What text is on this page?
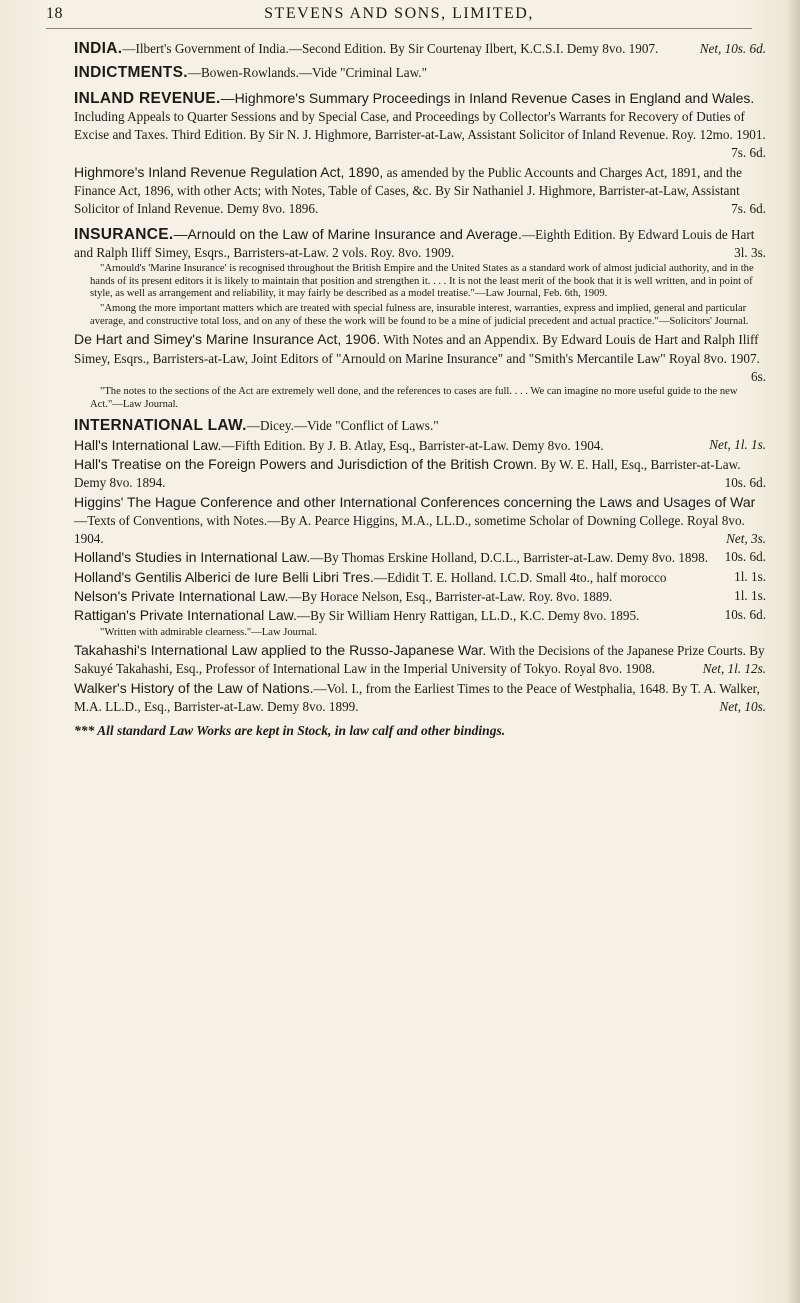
18	STEVENS AND SONS, LIMITED,
INDIA.—Ilbert's Government of India.—Second Edition. By Sir Courtenay Ilbert, K.C.S.I. Demy 8vo. 1907.	Net, 10s. 6d.
INDICTMENTS.—Bowen-Rowlands.—Vide "Criminal Law."
INLAND REVENUE.—Highmore's Summary Proceedings in Inland Revenue Cases in England and Wales. Including Appeals to Quarter Sessions and by Special Case, and Proceedings by Collector's Warrants for Recovery of Duties of Excise and Taxes. Third Edition. By Sir N. J. Highmore, Barrister-at-Law, Assistant Solicitor of Inland Revenue. Roy. 12mo. 1901.
7s. 6d.
Highmore's Inland Revenue Regulation Act, 1890, as amended by the Public Accounts and Charges Act, 1891, and the Finance Act, 1896, with other Acts; with Notes, Table of Cases, &c. By Sir Nathaniel J. Highmore, Barrister-at-Law, Assistant Solicitor of Inland Revenue. Demy 8vo. 1896.	7s. 6d.
INSURANCE.—Arnould on the Law of Marine Insurance and Average.—Eighth Edition. By Edward Louis de Hart and Ralph Iliff Simey, Esqrs., Barristers-at-Law. 2 vols. Roy. 8vo. 1909.	3l. 3s.
"Arnould's 'Marine Insurance' is recognised throughout the British Empire and the United States as a standard work of almost judicial authority, and in the hands of its present editors it is likely to maintain that position and strengthen it. . . . It is not the least merit of the book that it is well written, and in point of style, as well as arrangement and reliability, it may fairly be described as a model treatise."—Law Journal, Feb. 6th, 1909.
"Among the more important matters which are treated with special fulness are, insurable interest, warranties, express and implied, general and particular average, and constructive total loss, and on any of these the work will be found to be a mine of judicial precedent and actual practice."—Solicitors' Journal.
De Hart and Simey's Marine Insurance Act, 1906. With Notes and an Appendix. By Edward Louis de Hart and Ralph Iliff Simey, Esqrs., Barristers-at-Law, Joint Editors of "Arnould on Marine Insurance" and "Smith's Mercantile Law" Royal 8vo. 1907.
6s.
"The notes to the sections of the Act are extremely well done, and the references to cases are full. . . . We can imagine no more useful guide to the new Act."—Law Journal.
INTERNATIONAL LAW.—Dicey.—Vide "Conflict of Laws."
Hall's International Law.—Fifth Edition. By J. B. Atlay, Esq., Barrister-at-Law. Demy 8vo. 1904.	Net, 1l. 1s.
Hall's Treatise on the Foreign Powers and Jurisdiction of the British Crown. By W. E. Hall, Esq., Barrister-at-Law. Demy 8vo. 1894.	10s. 6d.
Higgins' The Hague Conference and other International Conferences concerning the Laws and Usages of War—Texts of Conventions, with Notes.—By A. Pearce Higgins, M.A., LL.D., sometime Scholar of Downing College. Royal 8vo. 1904.	Net, 3s.
Holland's Studies in International Law.—By Thomas Erskine Holland, D.C.L., Barrister-at-Law. Demy 8vo. 1898. 10s. 6d.
Holland's Gentilis Alberici de Iure Belli Libri Tres.—Edidit T. E. Holland. I.C.D. Small 4to., half morocco	1l. 1s.
Nelson's Private International Law.—By Horace Nelson, Esq., Barrister-at-Law. Roy. 8vo. 1889.	1l. 1s.
Rattigan's Private International Law.—By Sir William Henry Rattigan, LL.D., K.C. Demy 8vo. 1895.	10s. 6d.
"Written with admirable clearness."—Law Journal.
Takahashi's International Law applied to the Russo-Japanese War. With the Decisions of the Japanese Prize Courts. By Sakuyé Takahashi, Esq., Professor of International Law in the Imperial University of Tokyo. Royal 8vo. 1908.	Net, 1l. 12s.
Walker's History of the Law of Nations.—Vol. I., from the Earliest Times to the Peace of Westphalia, 1648. By T. A. Walker, M.A. LL.D., Esq., Barrister-at-Law. Demy 8vo. 1899.	Net, 10s.
*** All standard Law Works are kept in Stock, in law calf and other bindings.
